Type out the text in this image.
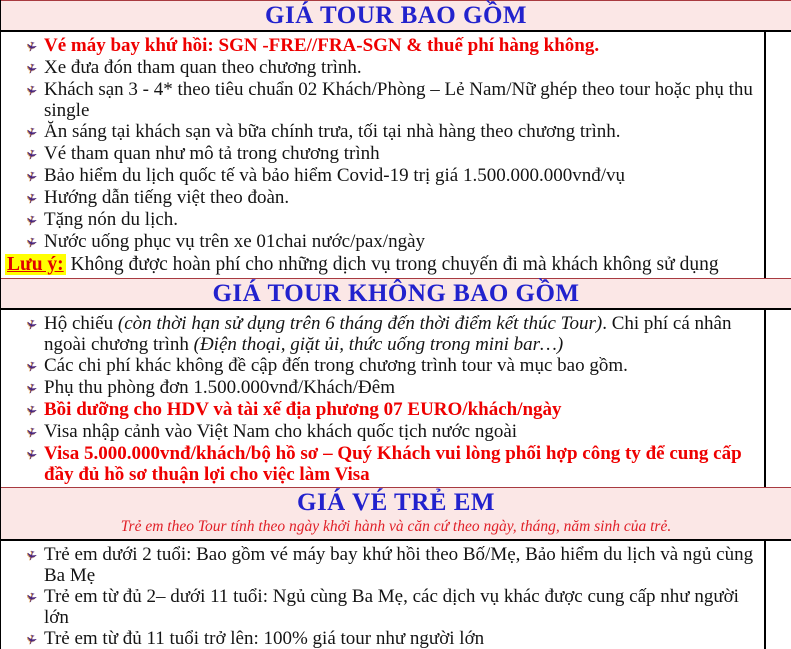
GIÁ TOUR BAO GỒM
✈ Vé máy bay khứ hồi: SGN -FRE//FRA-SGN & thuế phí hàng không.
✈ Xe đưa đón tham quan theo chương trình.
✈ Khách sạn 3 - 4* theo tiêu chuẩn 02 Khách/Phòng – Lẻ Nam/Nữ ghép theo tour hoặc phụ thu single
✈ Ăn sáng tại khách sạn và bữa chính trưa, tối tại nhà hàng theo chương trình.
✈ Vé tham quan như mô tả trong chương trình
✈ Bảo hiểm du lịch quốc tế và bảo hiểm Covid-19 trị giá 1.500.000.000vnđ/vụ
✈ Hướng dẫn tiếng việt theo đoàn.
✈ Tặng nón du lịch.
✈ Nước uống phục vụ trên xe 01chai nước/pax/ngày
Lưu ý: Không được hoàn phí cho những dịch vụ trong chuyến đi mà khách không sử dụng
GIÁ TOUR KHÔNG BAO GỒM
✈ Hộ chiếu (còn thời hạn sử dụng trên 6 tháng đến thời điểm kết thúc Tour). Chi phí cá nhân ngoài chương trình (Điện thoại, giặt ủi, thức uống trong mini bar…)
✈ Các chi phí khác không đề cập đến trong chương trình tour và mục bao gồm.
✈ Phụ thu phòng đơn 1.500.000vnđ/Khách/Đêm
✈ Bồi dưỡng cho HDV và tài xế địa phương 07 EURO/khách/ngày
✈ Visa nhập cảnh vào Việt Nam cho khách quốc tịch nước ngoài
✈ Visa 5.000.000vnđ/khách/bộ hồ sơ – Quý Khách vui lòng phối hợp công ty để cung cấp đầy đủ hồ sơ thuận lợi cho việc làm Visa
GIÁ VÉ TRẺ EM
Trẻ em theo Tour tính theo ngày khởi hành và căn cứ theo ngày, tháng, năm sinh của trẻ.
✈ Trẻ em dưới 2 tuổi: Bao gồm vé máy bay khứ hồi theo Bố/Mẹ, Bảo hiểm du lịch và ngủ cùng Ba Mẹ
✈ Trẻ em từ đủ 2– dưới 11 tuổi: Ngủ cùng Ba Mẹ, các dịch vụ khác được cung cấp như người lớn
✈ Trẻ em từ đủ 11 tuổi trở lên: 100% giá tour như người lớn
